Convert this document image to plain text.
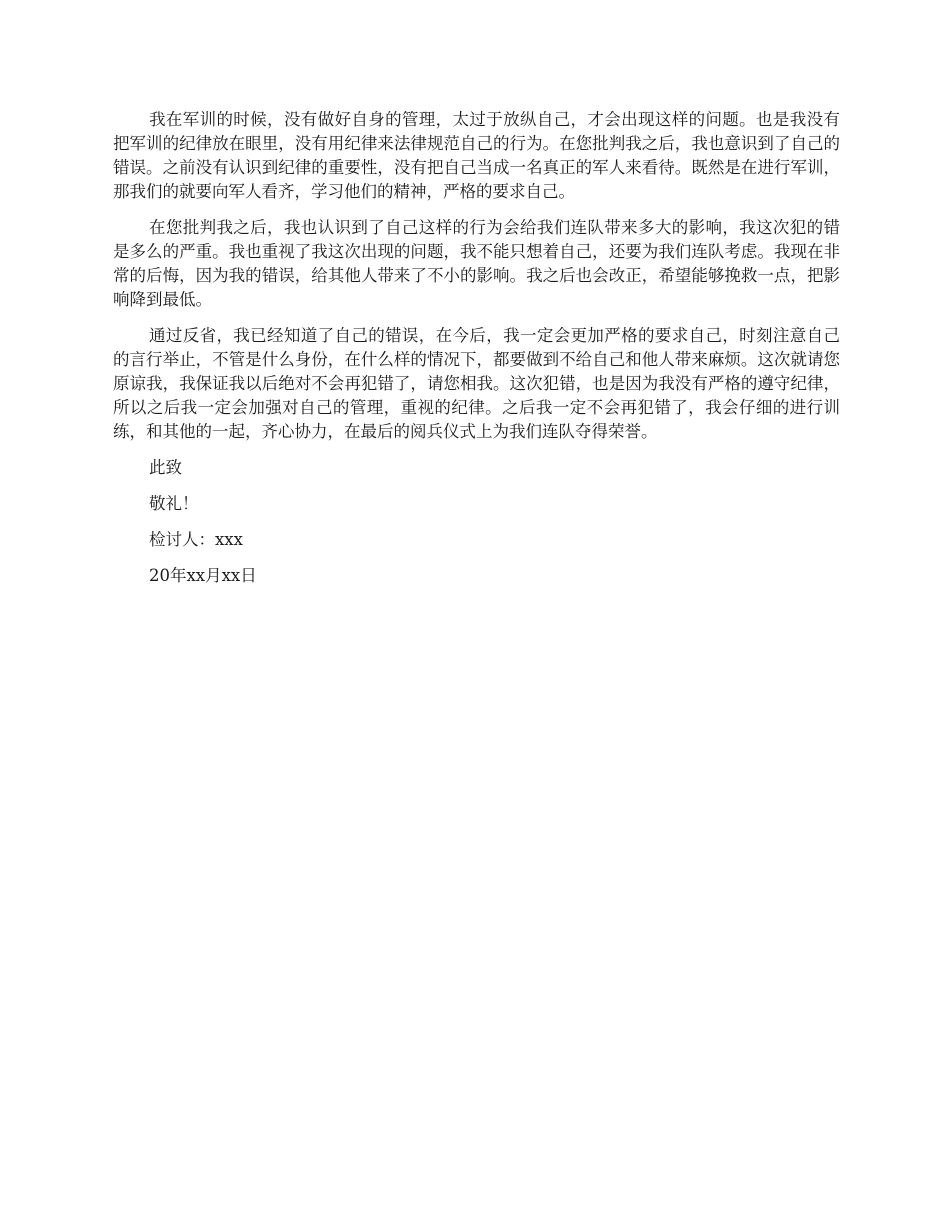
我在军训的时候，没有做好自身的管理，太过于放纵自己，才会出现这样的问题。也是我没有把军训的纪律放在眼里，没有用纪律来法律规范自己的行为。在您批判我之后，我也意识到了自己的错误。之前没有认识到纪律的重要性，没有把自己当成一名真正的军人来看待。既然是在进行军训，那我们的就要向军人看齐，学习他们的精神，严格的要求自己。

在您批判我之后，我也认识到了自己这样的行为会给我们连队带来多大的影响，我这次犯的错是多么的严重。我也重视了我这次出现的问题，我不能只想着自己，还要为我们连队考虑。我现在非常的后悔，因为我的错误，给其他人带来了不小的影响。我之后也会改正，希望能够挽救一点，把影响降到最低。

通过反省，我已经知道了自己的错误，在今后，我一定会更加严格的要求自己，时刻注意自己的言行举止，不管是什么身份，在什么样的情况下，都要做到不给自己和他人带来麻烦。这次就请您原谅我，我保证我以后绝对不会再犯错了，请您相我。这次犯错，也是因为我没有严格的遵守纪律，所以之后我一定会加强对自己的管理，重视的纪律。之后我一定不会再犯错了，我会仔细的进行训练，和其他的一起，齐心协力，在最后的阅兵仪式上为我们连队夺得荣誉。

此致

敬礼！

检讨人：xxx

20年xx月xx日
